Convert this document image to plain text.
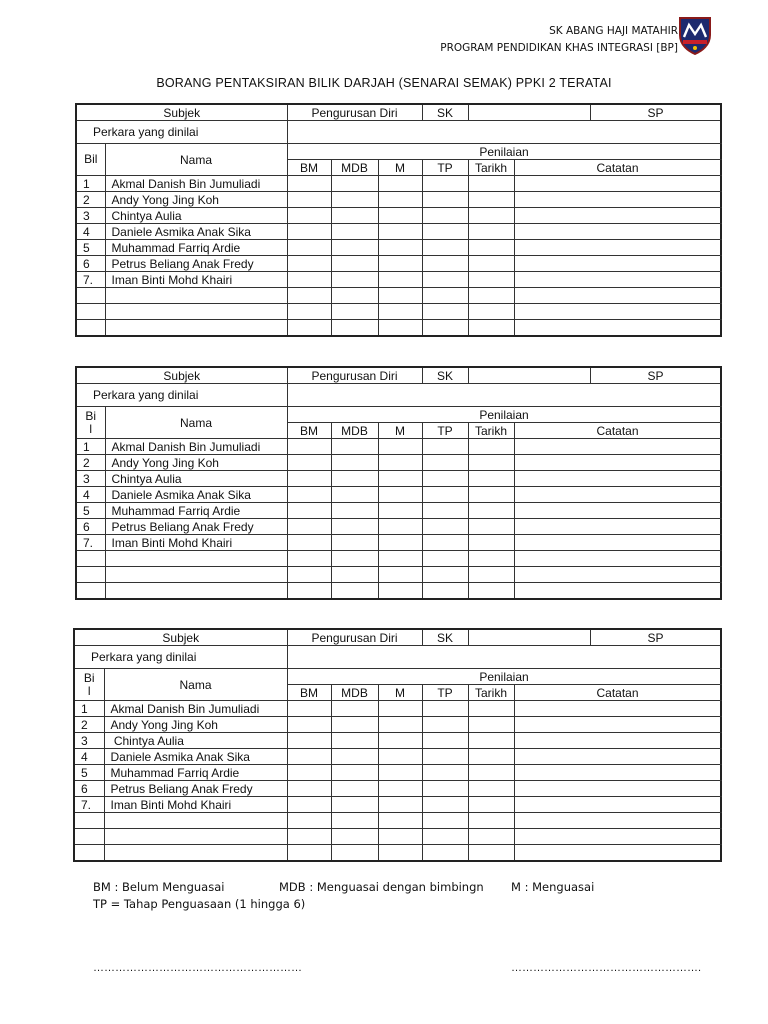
SK ABANG HAJI MATAHIR
PROGRAM PENDIDIKAN KHAS INTEGRASI [BP]
BORANG PENTAKSIRAN BILIK DARJAH (SENARAI SEMAK) PPKI 2 TERATAI
Subjek		Pengurusan Diri			SK			SP	
Perkara yang dinilai									
Bil	Nama	Penilaian							
		BM	MDB	M	TP	Tarikh	Catatan		
1	Akmal Danish Bin Jumuliadi								
2	Andy Yong Jing Koh								
3	Chintya Aulia								
4	Daniele Asmika Anak Sika								
5	Muhammad Farriq Ardie								
6	Petrus Beliang Anak Fredy								
7.	Iman Binti Mohd Khairi								

Subjek		Pengurusan Diri			SK			SP	
Perkara yang dinilai									
Bi
l	Nama	Penilaian							
		BM	MDB	M	TP	Tarikh	Catatan		
1	Akmal Danish Bin Jumuliadi								
2	Andy Yong Jing Koh								
3	Chintya Aulia								
4	Daniele Asmika Anak Sika								
5	Muhammad Farriq Ardie								
6	Petrus Beliang Anak Fredy								
7.	Iman Binti Mohd Khairi								

Subjek		Pengurusan Diri			SK			SP	
Perkara yang dinilai									
Bi
l	Nama	Penilaian							
		BM	MDB	M	TP	Tarikh	Catatan		
1	Akmal Danish Bin Jumuliadi								
2	Andy Yong Jing Koh								
3	Chintya Aulia								
4	Daniele Asmika Anak Sika								
5	Muhammad Farriq Ardie								
6	Petrus Beliang Anak Fredy								
7.	Iman Binti Mohd Khairi								

BM : Belum Menguasai	MDB : Menguasai dengan bimbingn M : Menguasai
TP = Tahap Penguasaan (1 hingga 6)
…………………………………………………	…………………………………………….
